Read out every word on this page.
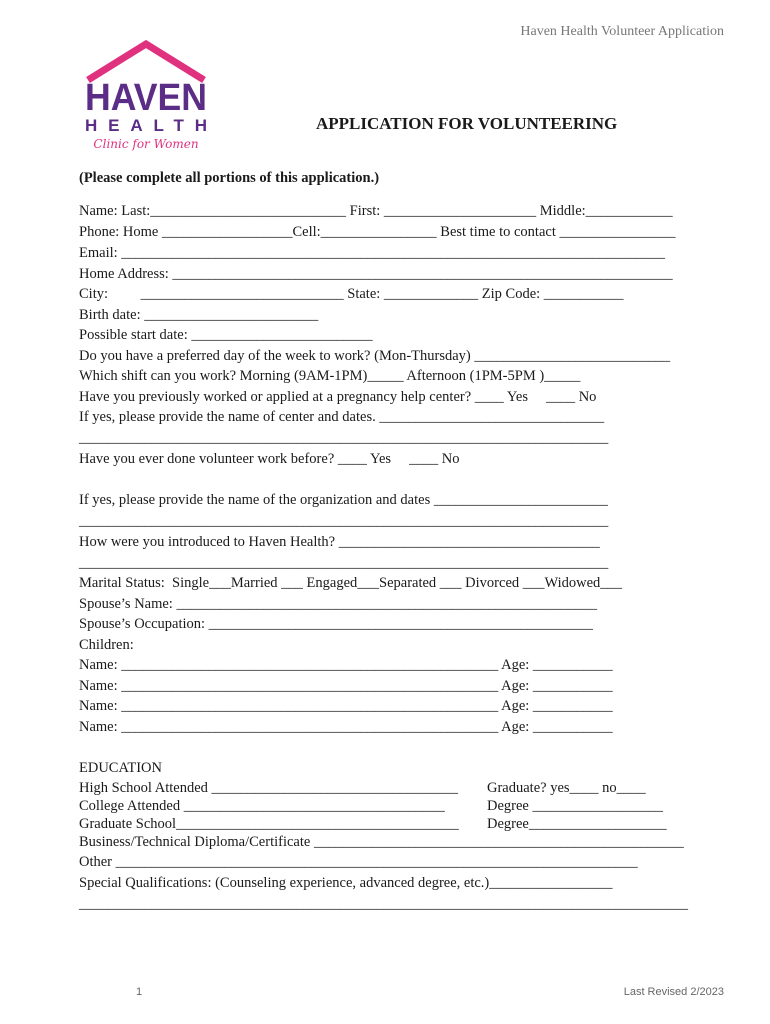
Haven Health Volunteer Application
HAVEN
HEALTH
Clinic for Women
APPLICATION FOR VOLUNTEERING
(Please complete all portions of this application.)
Name: Last:___________________________ First: _____________________ Middle:____________
Phone: Home __________________Cell:________________ Best time to contact ________________
Email: ___________________________________________________________________________
Home Address: _____________________________________________________________________
City:         ____________________________ State: _____________ Zip Code: ___________
Birth date: ________________________
Possible start date: _________________________
Do you have a preferred day of the week to work? (Mon-Thursday) ___________________________
Which shift can you work? Morning (9AM-1PM)_____ Afternoon (1PM-5PM )_____
Have you previously worked or applied at a pregnancy help center? ____ Yes     ____ No
If yes, please provide the name of center and dates. _______________________________
_________________________________________________________________________
Have you ever done volunteer work before? ____ Yes     ____ No
If yes, please provide the name of the organization and dates ________________________
_________________________________________________________________________
How were you introduced to Haven Health? ____________________________________
_________________________________________________________________________
Marital Status:  Single___Married ___ Engaged___Separated ___ Divorced ___Widowed___
Spouse’s Name: __________________________________________________________
Spouse’s Occupation: _____________________________________________________
Children:
Name: ____________________________________________________ Age: ___________
Name: ____________________________________________________ Age: ___________
Name: ____________________________________________________ Age: ___________
Name: ____________________________________________________ Age: ___________
EDUCATION
High School Attended __________________________________ Graduate? yes____ no____
College Attended ____________________________________	Degree __________________
Graduate School_______________________________________ Degree___________________
Business/Technical Diploma/Certificate ___________________________________________________
Other ________________________________________________________________________
Special Qualifications: (Counseling experience, advanced degree, etc.)_________________
____________________________________________________________________________________
1	Last Revised 2/2023
